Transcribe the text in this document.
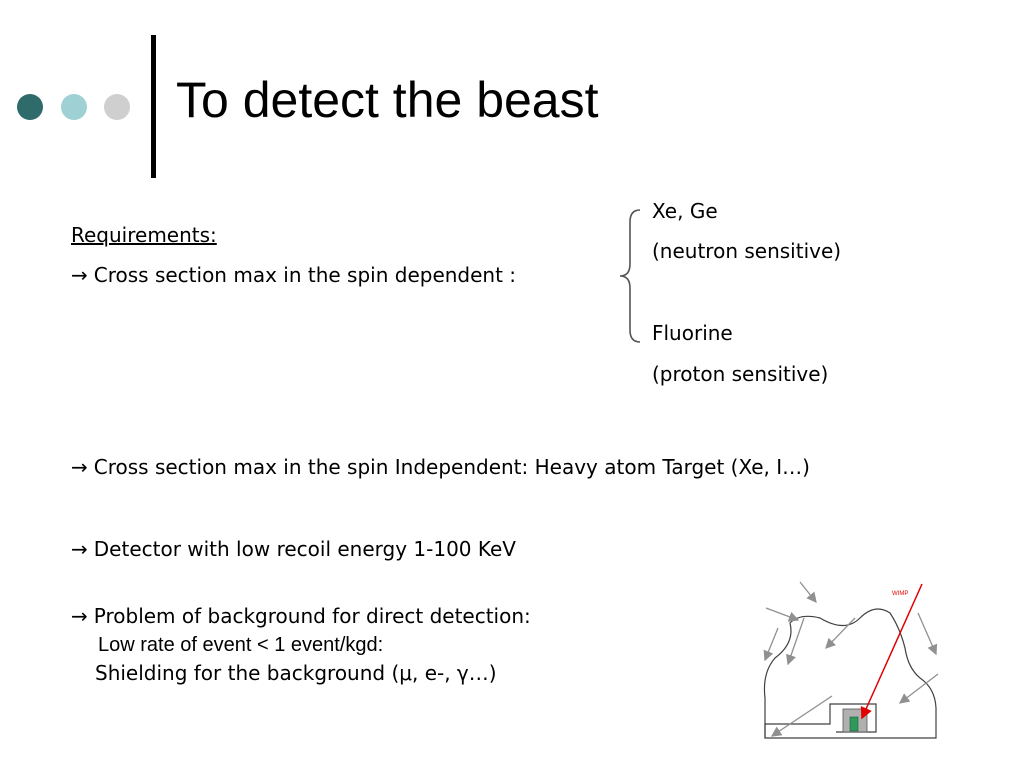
To detect the beast
Requirements:
→ Cross section max in the spin dependent :
Xe, Ge
(neutron sensitive)
Fluorine
(proton sensitive)
→ Cross section max in the spin Independent: Heavy atom Target (Xe, I…)
→ Detector with low recoil energy 1-100 KeV
→ Problem of background for direct detection:
Low rate of event < 1 event/kgd:
Shielding for the background (μ, e-, γ…)
WIMP
